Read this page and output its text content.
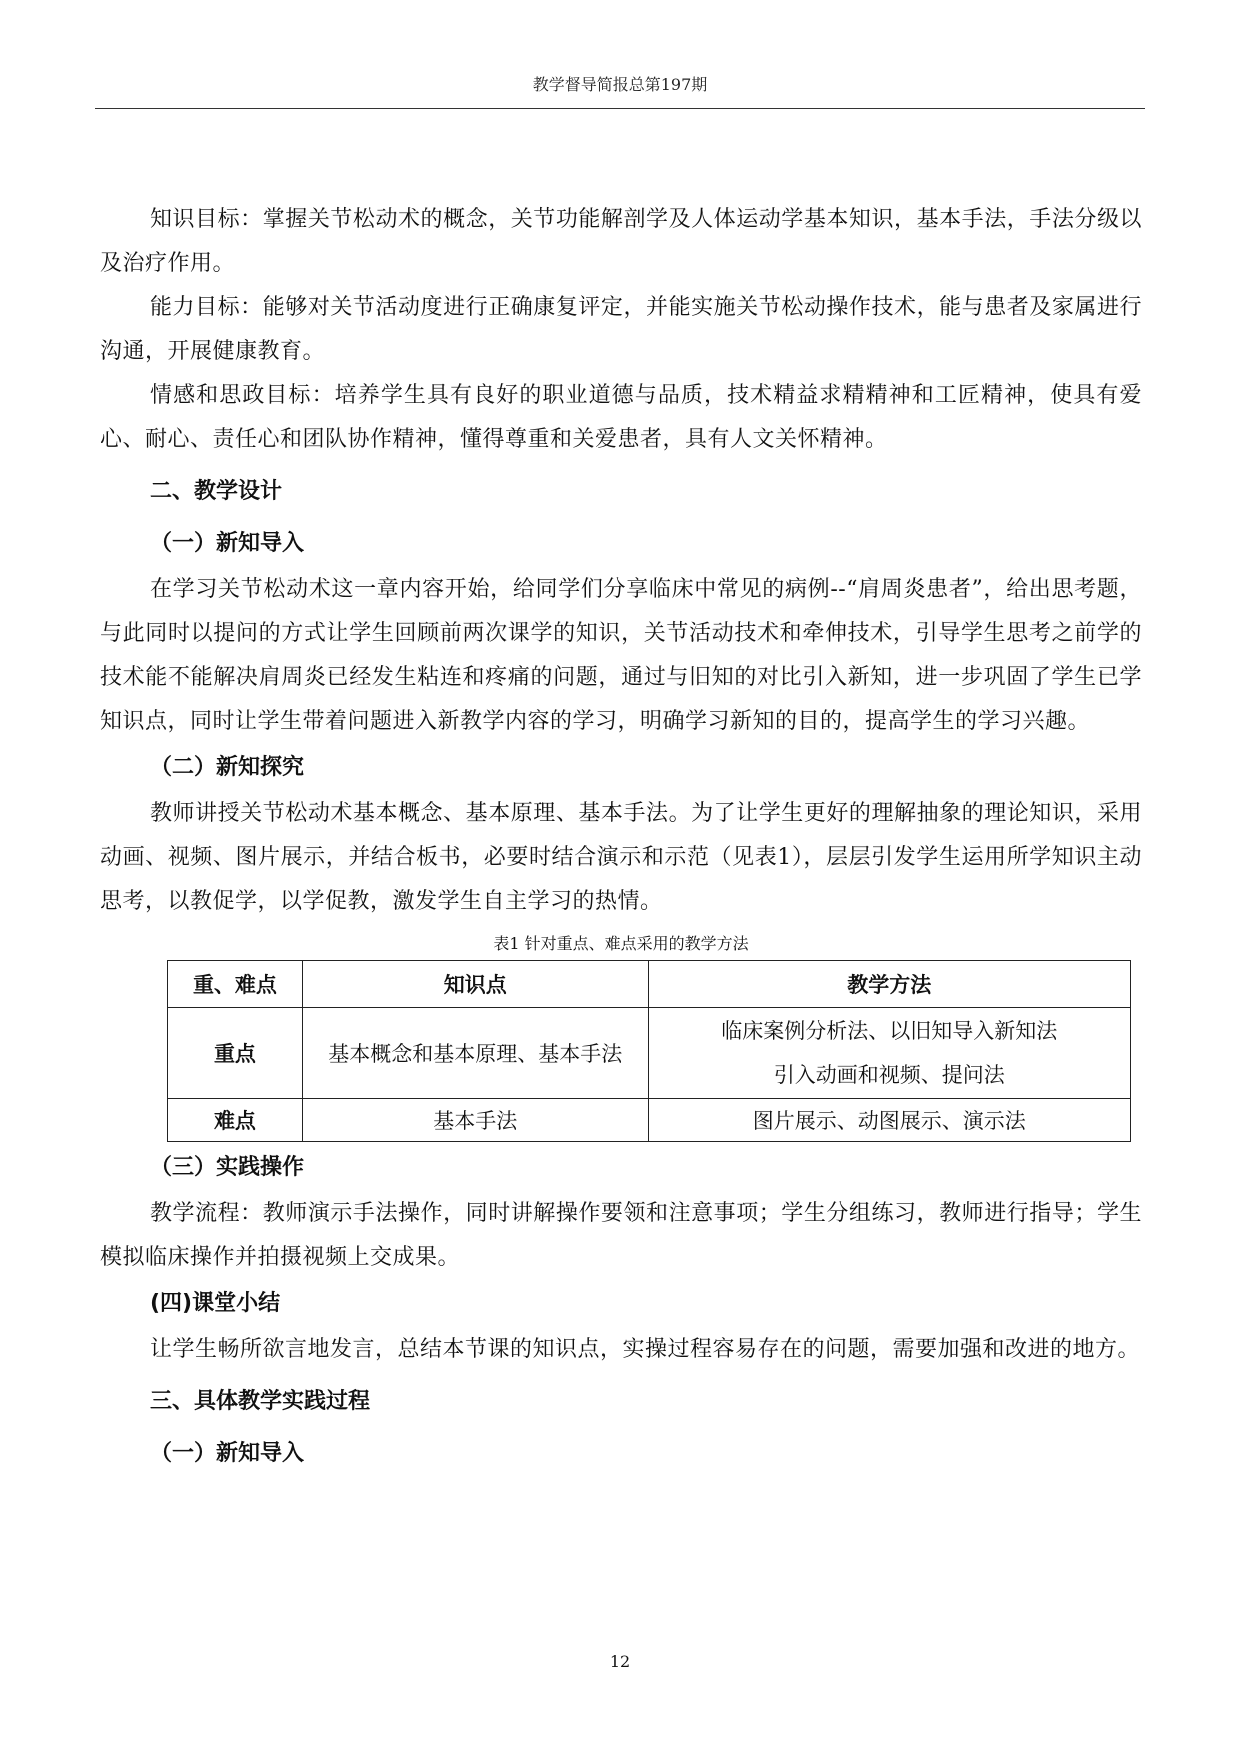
教学督导简报总第197期

知识目标：掌握关节松动术的概念，关节功能解剖学及人体运动学基本知识，基本手法，手法分级以及治疗作用。

能力目标：能够对关节活动度进行正确康复评定，并能实施关节松动操作技术，能与患者及家属进行沟通，开展健康教育。

情感和思政目标：培养学生具有良好的职业道德与品质，技术精益求精精神和工匠精神，使具有爱心、耐心、责任心和团队协作精神，懂得尊重和关爱患者，具有人文关怀精神。

二、教学设计
（一）新知导入

在学习关节松动术这一章内容开始，给同学们分享临床中常见的病例--“肩周炎患者”，给出思考题，与此同时以提问的方式让学生回顾前两次课学的知识，关节活动技术和牵伸技术，引导学生思考之前学的技术能不能解决肩周炎已经发生粘连和疼痛的问题，通过与旧知的对比引入新知，进一步巩固了学生已学知识点，同时让学生带着问题进入新教学内容的学习，明确学习新知的目的，提高学生的学习兴趣。

（二）新知探究

教师讲授关节松动术基本概念、基本原理、基本手法。为了让学生更好的理解抽象的理论知识，采用动画、视频、图片展示，并结合板书，必要时结合演示和示范（见表1），层层引发学生运用所学知识主动思考，以教促学，以学促教，激发学生自主学习的热情。

表1 针对重点、难点采用的教学方法
重、难点	知识点	教学方法
重点	基本概念和基本原理、基本手法	临床案例分析法、以旧知导入新知法
引入动画和视频、提问法

难点	基本手法	图片展示、动图展示、演示法
（三）实践操作

教学流程：教师演示手法操作，同时讲解操作要领和注意事项；学生分组练习，教师进行指导；学生模拟临床操作并拍摄视频上交成果。

(四)课堂小结

让学生畅所欲言地发言，总结本节课的知识点，实操过程容易存在的问题，需要加强和改进的地方。

三、具体教学实践过程
（一）新知导入
12
